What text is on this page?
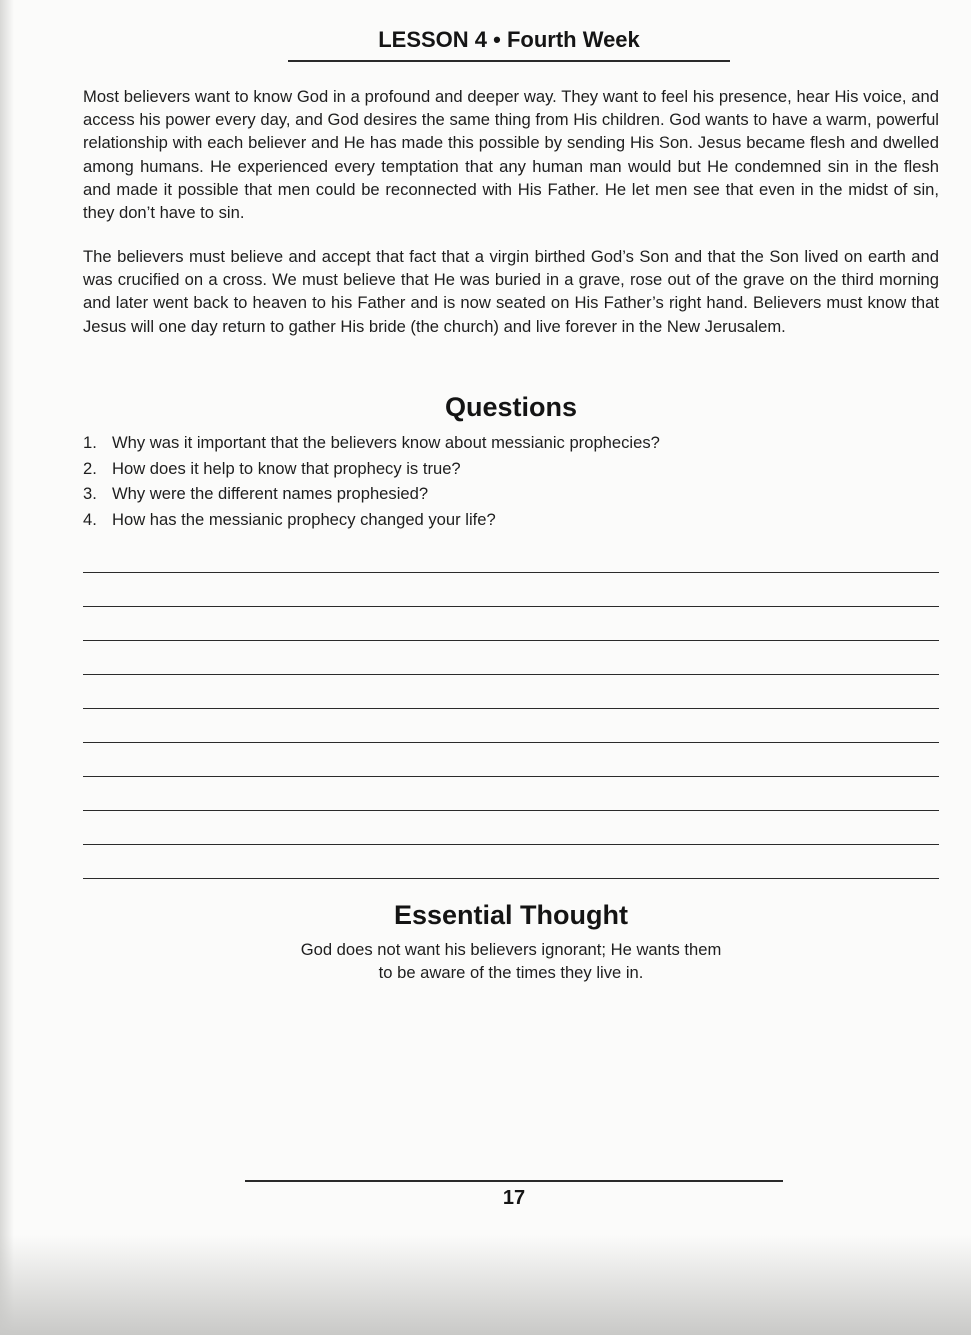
LESSON 4 • Fourth Week

Most believers want to know God in a profound and deeper way. They want to feel his presence, hear His voice, and access his power every day, and God desires the same thing from His children. God wants to have a warm, powerful relationship with each believer and He has made this possible by sending His Son. Jesus became flesh and dwelled among humans. He experienced every temptation that any human man would but He condemned sin in the flesh and made it possible that men could be reconnected with His Father. He let men see that even in the midst of sin, they don’t have to sin.

The believers must believe and accept that fact that a virgin birthed God’s Son and that the Son lived on earth and was crucified on a cross. We must believe that He was buried in a grave, rose out of the grave on the third morning and later went back to heaven to his Father and is now seated on His Father’s right hand. Believers must know that Jesus will one day return to gather His bride (the church) and live forever in the New Jerusalem.

Questions
1. Why was it important that the believers know about messianic prophecies?
2. How does it help to know that prophecy is true?
3. Why were the different names prophesied?
4. How has the messianic prophecy changed your life?
Essential Thought
God does not want his believers ignorant; He wants them
to be aware of the times they live in.
17
